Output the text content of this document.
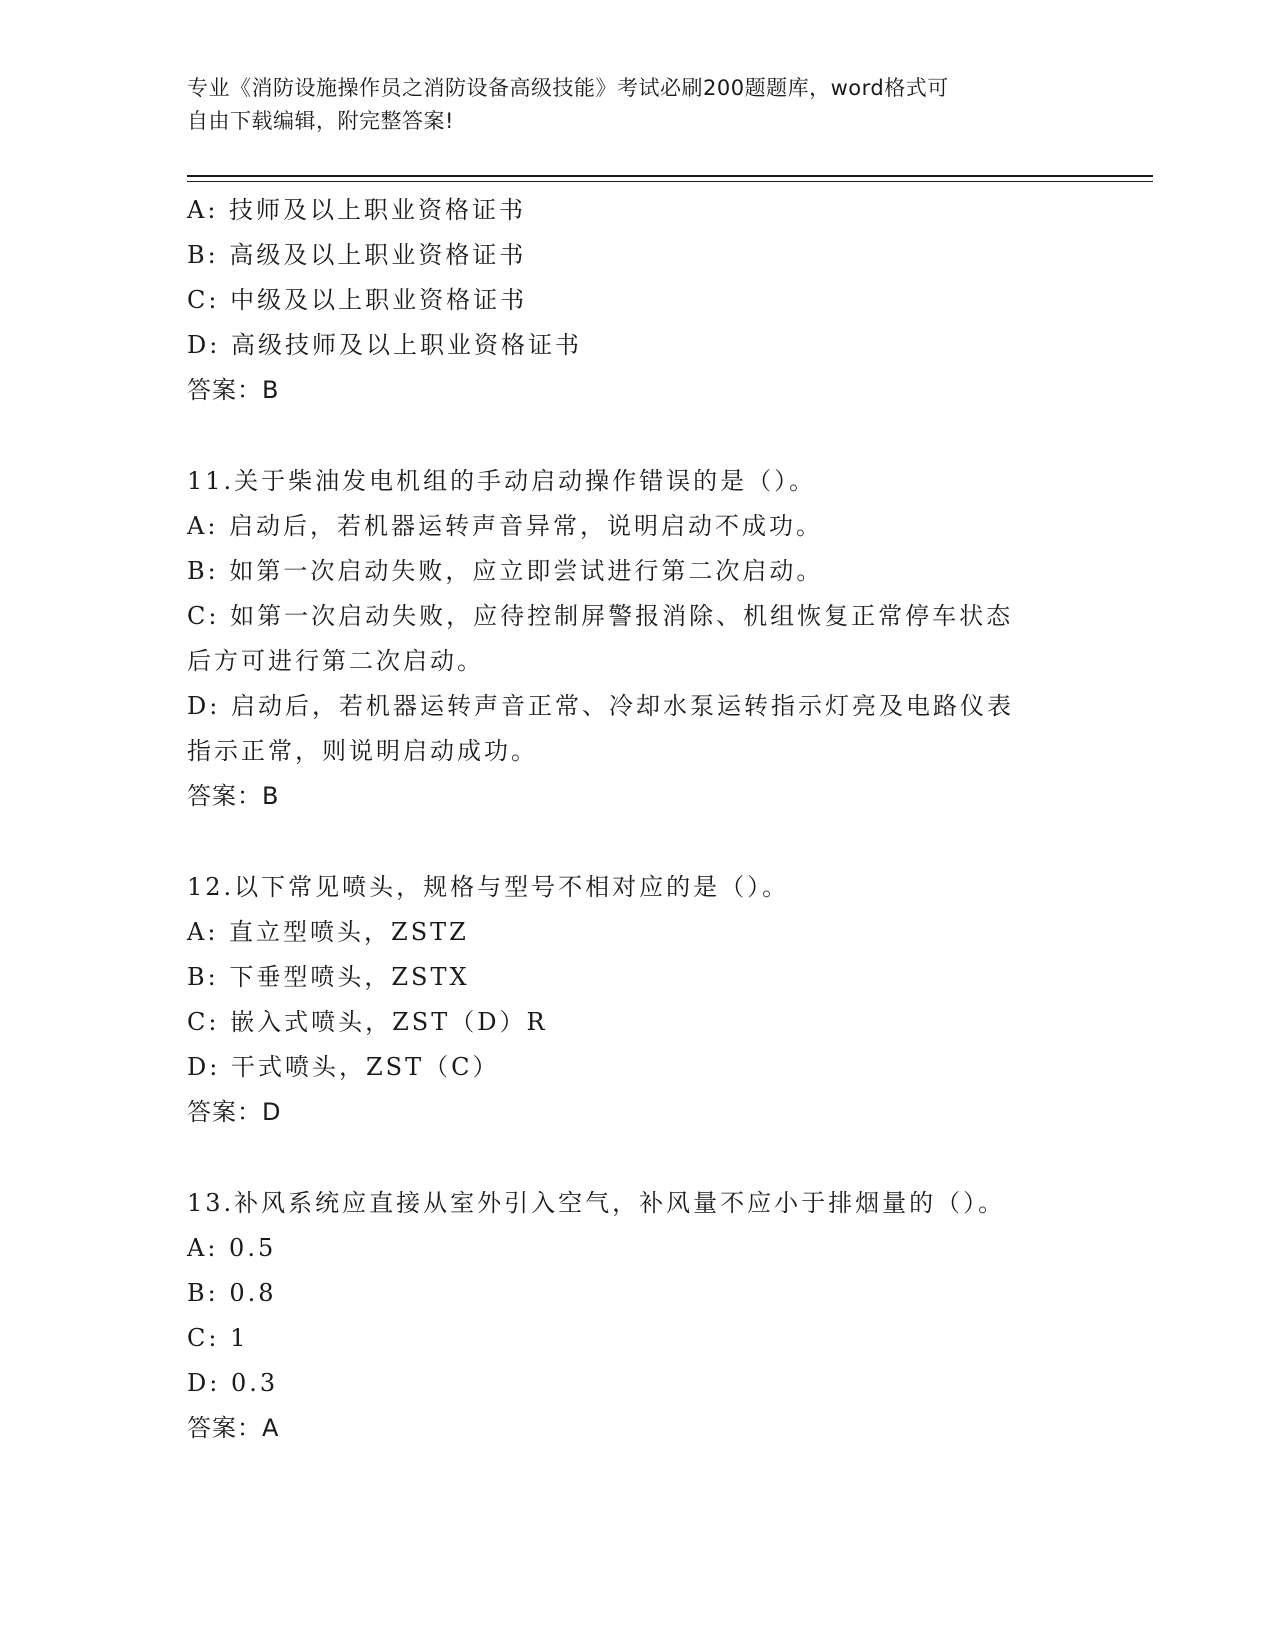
专业《消防设施操作员之消防设备高级技能》考试必刷200题题库，word格式可
自由下载编辑，附完整答案!
A: 技师及以上职业资格证书
B: 高级及以上职业资格证书
C: 中级及以上职业资格证书
D: 高级技师及以上职业资格证书
答案：B
11.关于柴油发电机组的手动启动操作错误的是（）。
A: 启动后，若机器运转声音异常，说明启动不成功。
B: 如第一次启动失败，应立即尝试进行第二次启动。
C: 如第一次启动失败，应待控制屏警报消除、机组恢复正常停车状态
后方可进行第二次启动。
D: 启动后，若机器运转声音正常、冷却水泵运转指示灯亮及电路仪表
指示正常，则说明启动成功。
答案：B
12.以下常见喷头，规格与型号不相对应的是（）。
A: 直立型喷头，ZSTZ
B: 下垂型喷头，ZSTX
C: 嵌入式喷头，ZST（D）R
D: 干式喷头，ZST（C）
答案：D
13.补风系统应直接从室外引入空气，补风量不应小于排烟量的（）。
A: 0.5
B: 0.8
C: 1
D: 0.3
答案：A
